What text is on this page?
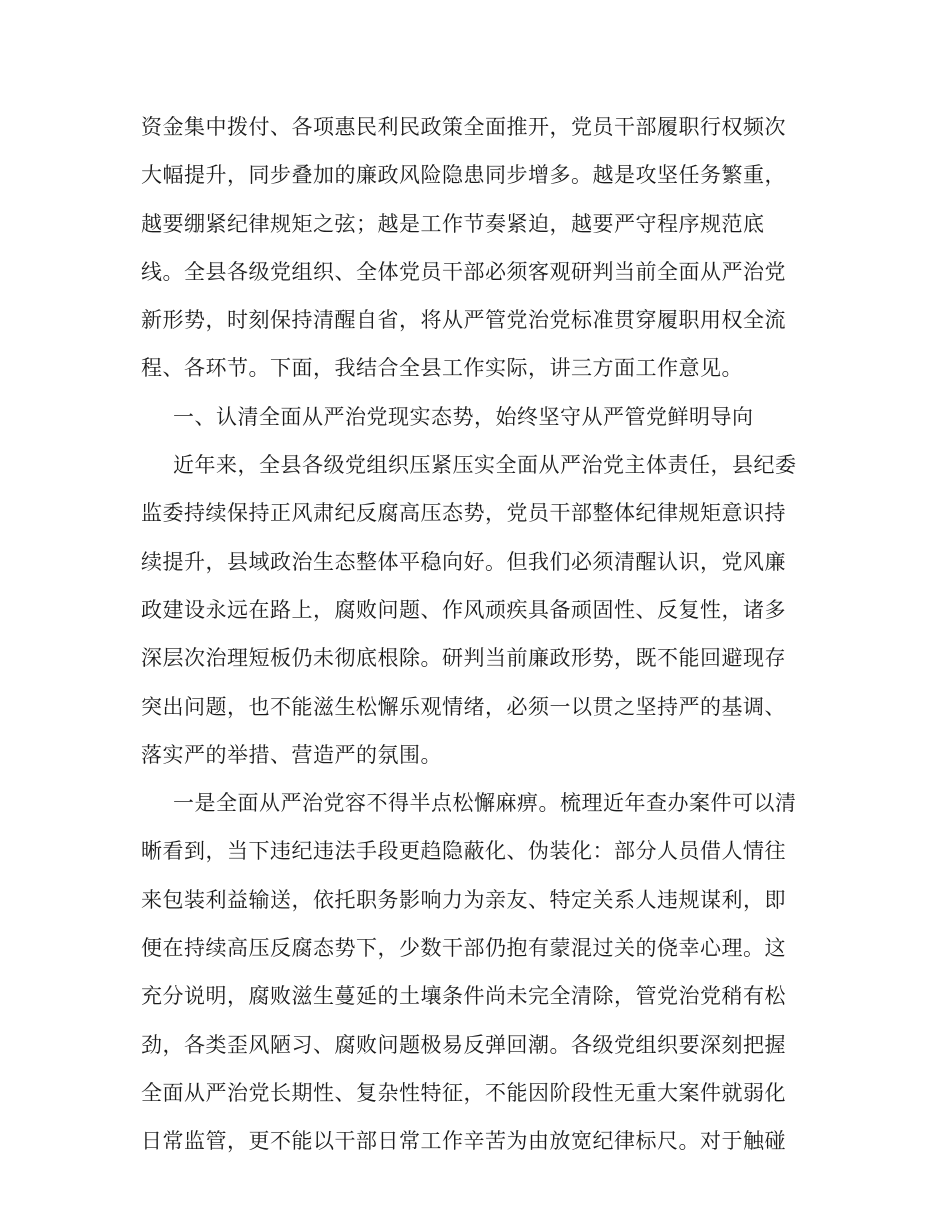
资金集中拨付、各项惠民利民政策全面推开，党员干部履职行权频次
大幅提升，同步叠加的廉政风险隐患同步增多。越是攻坚任务繁重，
越要绷紧纪律规矩之弦；越是工作节奏紧迫，越要严守程序规范底
线。全县各级党组织、全体党员干部必须客观研判当前全面从严治党
新形势，时刻保持清醒自省，将从严管党治党标准贯穿履职用权全流
程、各环节。下面，我结合全县工作实际，讲三方面工作意见。
一、认清全面从严治党现实态势，始终坚守从严管党鲜明导向
近年来，全县各级党组织压紧压实全面从严治党主体责任，县纪委
监委持续保持正风肃纪反腐高压态势，党员干部整体纪律规矩意识持
续提升，县域政治生态整体平稳向好。但我们必须清醒认识，党风廉
政建设永远在路上，腐败问题、作风顽疾具备顽固性、反复性，诸多
深层次治理短板仍未彻底根除。研判当前廉政形势，既不能回避现存
突出问题，也不能滋生松懈乐观情绪，必须一以贯之坚持严的基调、
落实严的举措、营造严的氛围。
一是全面从严治党容不得半点松懈麻痹。梳理近年查办案件可以清
晰看到，当下违纪违法手段更趋隐蔽化、伪装化：部分人员借人情往
来包装利益输送，依托职务影响力为亲友、特定关系人违规谋利，即
便在持续高压反腐态势下，少数干部仍抱有蒙混过关的侥幸心理。这
充分说明，腐败滋生蔓延的土壤条件尚未完全清除，管党治党稍有松
劲，各类歪风陋习、腐败问题极易反弹回潮。各级党组织要深刻把握
全面从严治党长期性、复杂性特征，不能因阶段性无重大案件就弱化
日常监管，更不能以干部日常工作辛苦为由放宽纪律标尺。对于触碰
